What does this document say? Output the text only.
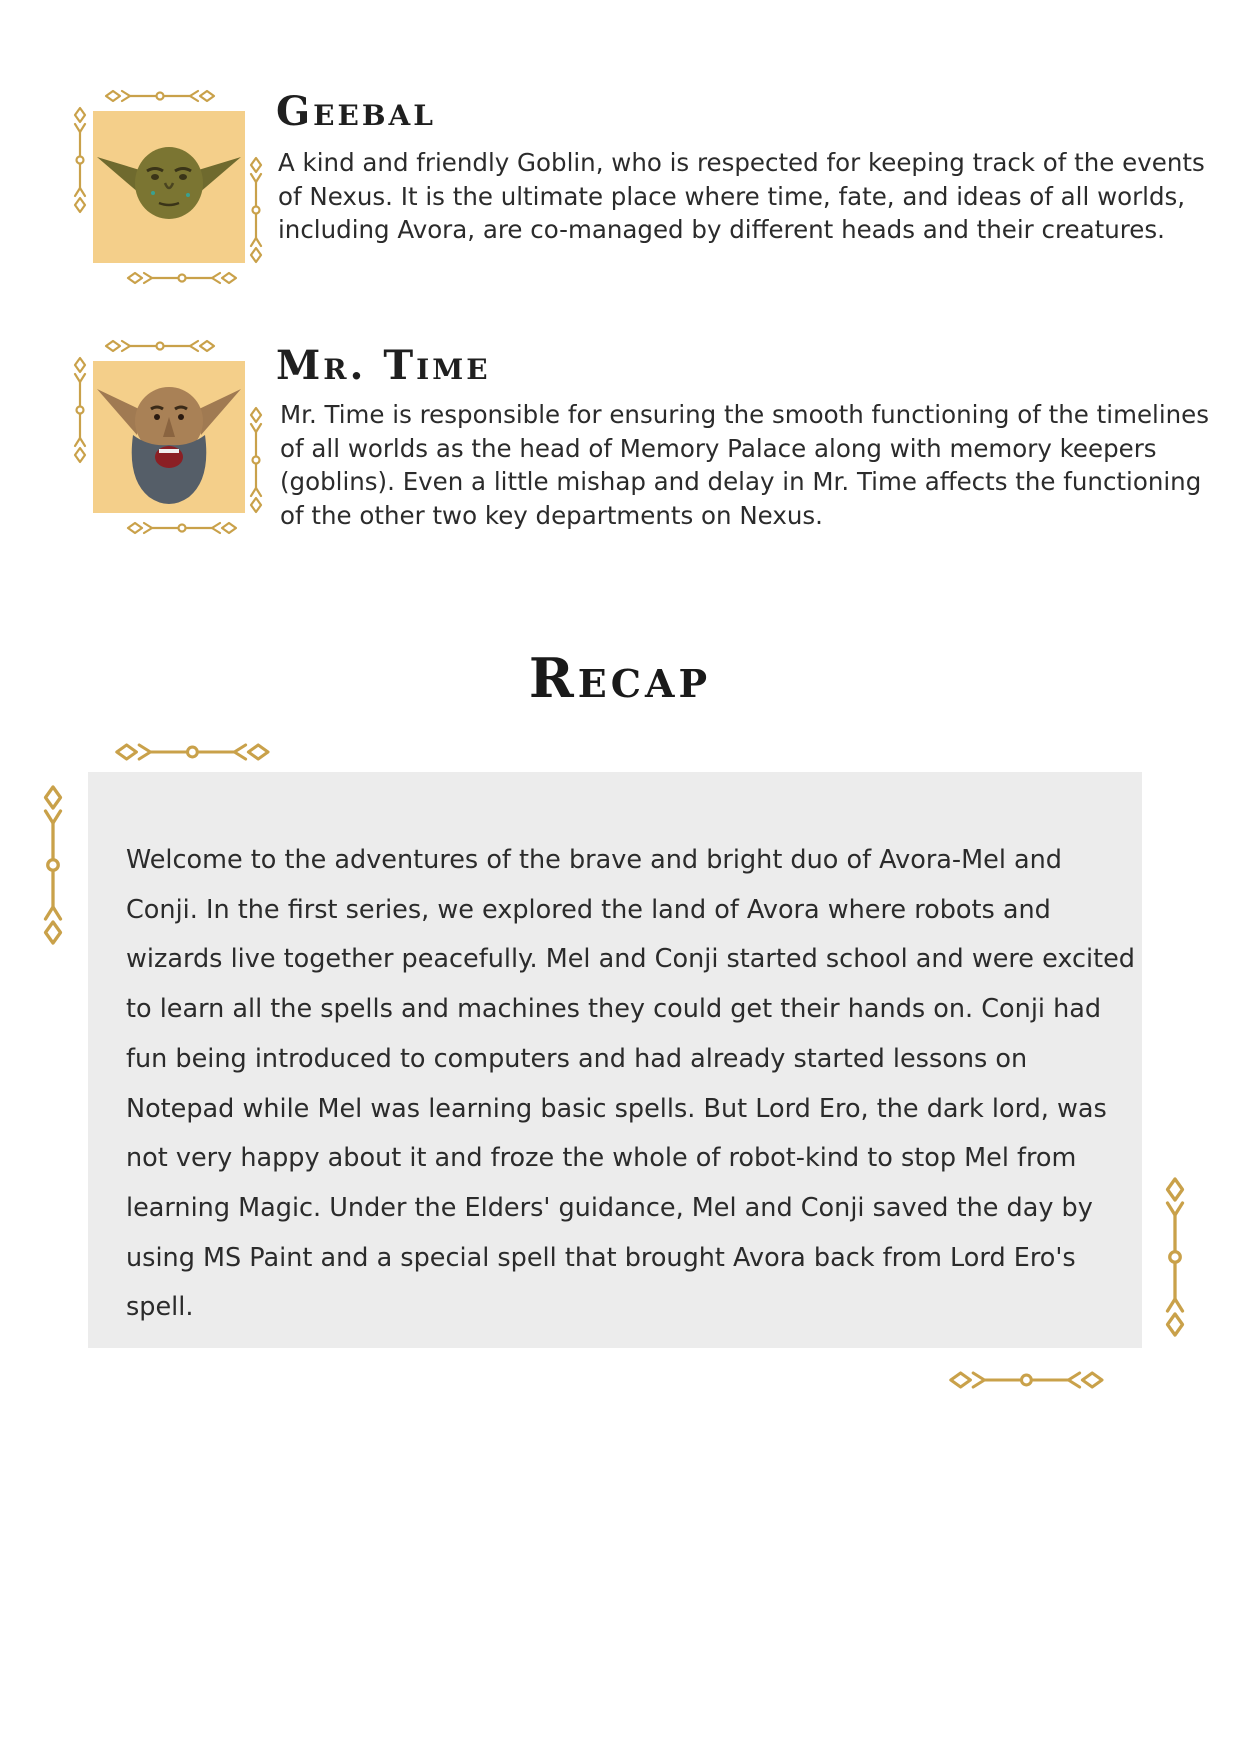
Geebal

A kind and friendly Goblin, who is respected for keeping track of the events of Nexus. It is the ultimate place where time, fate, and ideas of all worlds, including Avora, are co-managed by different heads and their creatures.

Mr. Time

Mr. Time is responsible for ensuring the smooth functioning of the timelines of all worlds as the head of Memory Palace along with memory keepers (goblins). Even a little mishap and delay in Mr. Time affects the functioning of the other two key departments on Nexus.

Recap

Welcome to the adventures of the brave and bright duo of Avora-Mel and Conji. In the first series, we explored the land of Avora where robots and wizards live together peacefully. Mel and Conji started school and were excited to learn all the spells and machines they could get their hands on. Conji had fun being introduced to computers and had already started lessons on Notepad while Mel was learning basic spells. But Lord Ero, the dark lord, was not very happy about it and froze the whole of robot-kind to stop Mel from learning Magic. Under the Elders' guidance, Mel and Conji saved the day by using MS Paint and a special spell that brought Avora back from Lord Ero's spell.
